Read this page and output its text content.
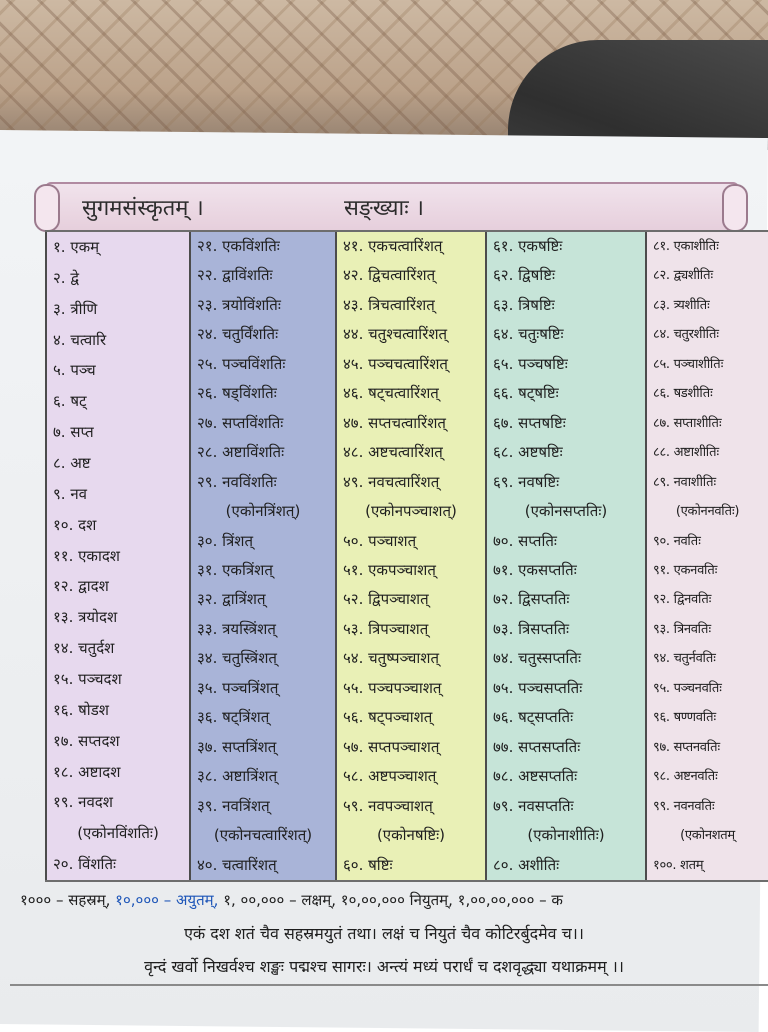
सुगमसंस्कृतम् ।	सङ्ख्याः ।
१. एकम्
२. द्वे
३. त्रीणि
४. चत्वारि
५. पञ्च
६. षट्
७. सप्त
८. अष्ट
९. नव
१०. दश
११. एकादश
१२. द्वादश
१३. त्रयोदश
१४. चतुर्दश
१५. पञ्चदश
१६. षोडश
१७. सप्तदश
१८. अष्टादश
१९. नवदश
(एकोनविंशतिः)
२०. विंशतिः
२१. एकविंशतिः
२२. द्वाविंशतिः
२३. त्रयोविंशतिः
२४. चतुर्विंशतिः
२५. पञ्चविंशतिः
२६. षड्विंशतिः
२७. सप्तविंशतिः
२८. अष्टाविंशतिः
२९. नवविंशतिः
(एकोनत्रिंशत्)
३०. त्रिंशत्
३१. एकत्रिंशत्
३२. द्वात्रिंशत्
३३. त्रयस्त्रिंशत्
३४. चतुस्त्रिंशत्
३५. पञ्चत्रिंशत्
३६. षट्त्रिंशत्
३७. सप्तत्रिंशत्
३८. अष्टात्रिंशत्
३९. नवत्रिंशत्
(एकोनचत्वारिंशत्)
४०. चत्वारिंशत्
४१. एकचत्वारिंशत्
४२. द्विचत्वारिंशत्
४३. त्रिचत्वारिंशत्
४४. चतुश्चत्वारिंशत्
४५. पञ्चचत्वारिंशत्
४६. षट्चत्वारिंशत्
४७. सप्तचत्वारिंशत्
४८. अष्टचत्वारिंशत्
४९. नवचत्वारिंशत्
(एकोनपञ्चाशत्)
५०. पञ्चाशत्
५१. एकपञ्चाशत्
५२. द्विपञ्चाशत्
५३. त्रिपञ्चाशत्
५४. चतुष्पञ्चाशत्
५५. पञ्चपञ्चाशत्
५६. षट्पञ्चाशत्
५७. सप्तपञ्चाशत्
५८. अष्टपञ्चाशत्
५९. नवपञ्चाशत्
(एकोनषष्टिः)
६०. षष्टिः
६१. एकषष्टिः
६२. द्विषष्टिः
६३. त्रिषष्टिः
६४. चतुःषष्टिः
६५. पञ्चषष्टिः
६६. षट्षष्टिः
६७. सप्तषष्टिः
६८. अष्टषष्टिः
६९. नवषष्टिः
(एकोनसप्ततिः)
७०. सप्ततिः
७१. एकसप्ततिः
७२. द्विसप्ततिः
७३. त्रिसप्ततिः
७४. चतुस्सप्ततिः
७५. पञ्चसप्ततिः
७६. षट्सप्ततिः
७७. सप्तसप्ततिः
७८. अष्टसप्ततिः
७९. नवसप्ततिः
(एकोनाशीतिः)
८०. अशीतिः
८१. एकाशीतिः
८२. द्व्यशीतिः
८३. त्र्यशीतिः
८४. चतुरशीतिः
८५. पञ्चाशीतिः
८६. षडशीतिः
८७. सप्ताशीतिः
८८. अष्टाशीतिः
८९. नवाशीतिः
(एकोननवतिः)
९०. नवतिः
९१. एकनवतिः
९२. द्विनवतिः
९३. त्रिनवतिः
९४. चतुर्नवतिः
९५. पञ्चनवतिः
९६. षण्णवतिः
९७. सप्तनवतिः
९८. अष्टनवतिः
९९. नवनवतिः
(एकोनशतम्
१००. शतम्
१००० – सहस्रम्, १०,००० – अयुतम्, १, ००,००० – लक्षम्, १०,००,००० नियुतम्, १,००,००,००० – क
एकं दश शतं चैव सहस्रमयुतं तथा। लक्षं च नियुतं चैव कोटिरर्बुदमेव च।।
वृन्दं खर्वो निखर्वश्च शङ्खः पद्मश्च सागरः। अन्त्यं मध्यं परार्धं च दशवृद्ध्या यथाक्रमम् ।।
